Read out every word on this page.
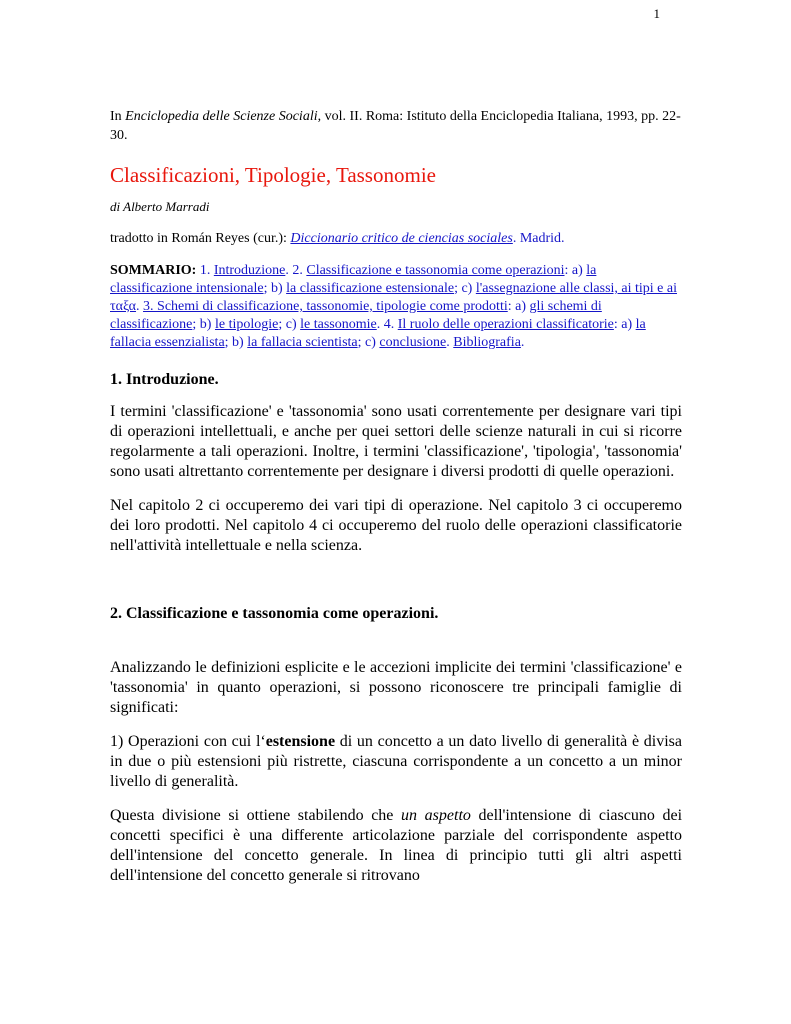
1

In Enciclopedia delle Scienze Sociali, vol. II. Roma: Istituto della Enciclopedia Italiana, 1993, pp. 22-30.

Classificazioni, Tipologie, Tassonomie

di Alberto Marradi

tradotto in Román Reyes (cur.): Diccionario critico de ciencias sociales. Madrid.

SOMMARIO: 1. Introduzione. 2. Classificazione e tassonomia come operazioni: a) la classificazione intensionale; b) la classificazione estensionale; c) l'assegnazione alle classi, ai tipi e ai ταξα. 3. Schemi di classificazione, tassonomie, tipologie come prodotti: a) gli schemi di classificazione; b) le tipologie; c) le tassonomie. 4. Il ruolo delle operazioni classificatorie: a) la fallacia essenzialista; b) la fallacia scientista; c) conclusione. Bibliografia.

1. Introduzione.

I termini 'classificazione' e 'tassonomia' sono usati correntemente per designare vari tipi di operazioni intellettuali, e anche per quei settori delle scienze naturali in cui si ricorre regolarmente a tali operazioni. Inoltre, i termini 'classificazione', 'tipologia', 'tassonomia' sono usati altrettanto correntemente per designare i diversi prodotti di quelle operazioni.

Nel capitolo 2 ci occuperemo dei vari tipi di operazione. Nel capitolo 3 ci occuperemo dei loro prodotti. Nel capitolo 4 ci occuperemo del ruolo delle operazioni classificatorie nell'attività intellettuale e nella scienza.

2. Classificazione e tassonomia come operazioni.

Analizzando le definizioni esplicite e le accezioni implicite dei termini 'classificazione' e 'tassonomia' in quanto operazioni, si possono riconoscere tre principali famiglie di significati:

1) Operazioni con cui l‘estensione di un concetto a un dato livello di generalità è divisa in due o più estensioni più ristrette, ciascuna corrispondente a un concetto a un minor livello di generalità.

Questa divisione si ottiene stabilendo che un aspetto dell'intensione di ciascuno dei concetti specifici è una differente articolazione parziale del corrispondente aspetto dell'intensione del concetto generale. In linea di principio tutti gli altri aspetti dell'intensione del concetto generale si ritrovano
